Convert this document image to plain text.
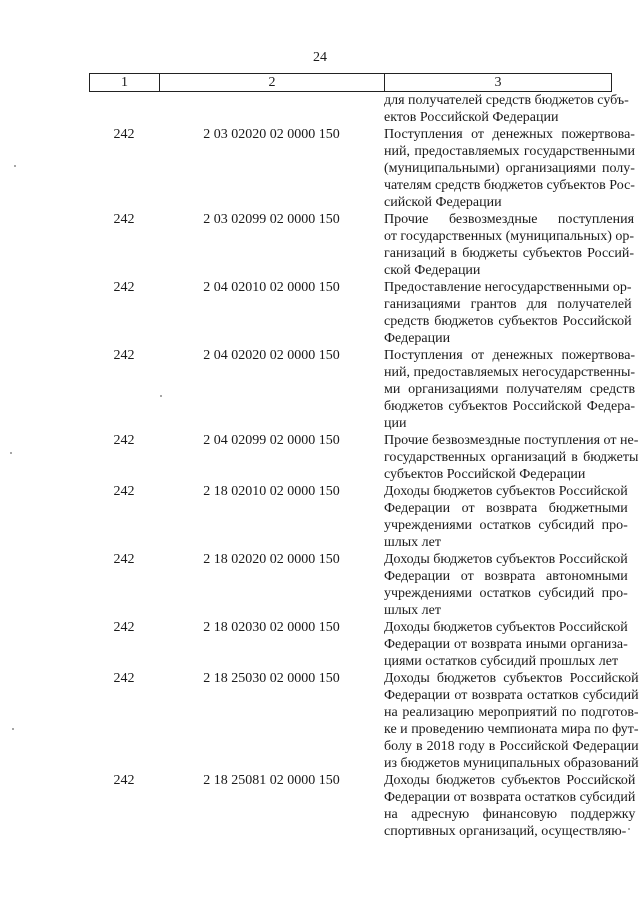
24
1	2	3
для получателей средств бюджетов субъ-
ектов Российской Федерации
242	2 03 02020 02 0000 150	Поступления от денежных пожертвова-
ний, предоставляемых государственными
(муниципальными) организациями полу-
чателям средств бюджетов субъектов Рос-
сийской Федерации
242	2 03 02099 02 0000 150	Прочие безвозмездные поступления
от государственных (муниципальных) ор-
ганизаций в бюджеты субъектов Россий-
ской Федерации
242	2 04 02010 02 0000 150	Предоставление негосударственными ор-
ганизациями грантов для получателей
средств бюджетов субъектов Российской
Федерации
242	2 04 02020 02 0000 150	Поступления от денежных пожертвова-
ний, предоставляемых негосударственны-
ми организациями получателям средств
бюджетов субъектов Российской Федера-
ции
242	2 04 02099 02 0000 150	Прочие безвозмездные поступления от не-
государственных организаций в бюджеты
субъектов Российской Федерации
242	2 18 02010 02 0000 150	Доходы бюджетов субъектов Российской
Федерации от возврата бюджетными
учреждениями остатков субсидий про-
шлых лет
242	2 18 02020 02 0000 150	Доходы бюджетов субъектов Российской
Федерации от возврата автономными
учреждениями остатков субсидий про-
шлых лет
242	2 18 02030 02 0000 150	Доходы бюджетов субъектов Российской
Федерации от возврата иными организа-
циями остатков субсидий прошлых лет
242	2 18 25030 02 0000 150	Доходы бюджетов субъектов Российской
Федерации от возврата остатков субсидий
на реализацию мероприятий по подготов-
ке и проведению чемпионата мира по фут-
болу в 2018 году в Российской Федерации
из бюджетов муниципальных образований
242	2 18 25081 02 0000 150	Доходы бюджетов субъектов Российской
Федерации от возврата остатков субсидий
на адресную финансовую поддержку
спортивных организаций, осуществляю-
